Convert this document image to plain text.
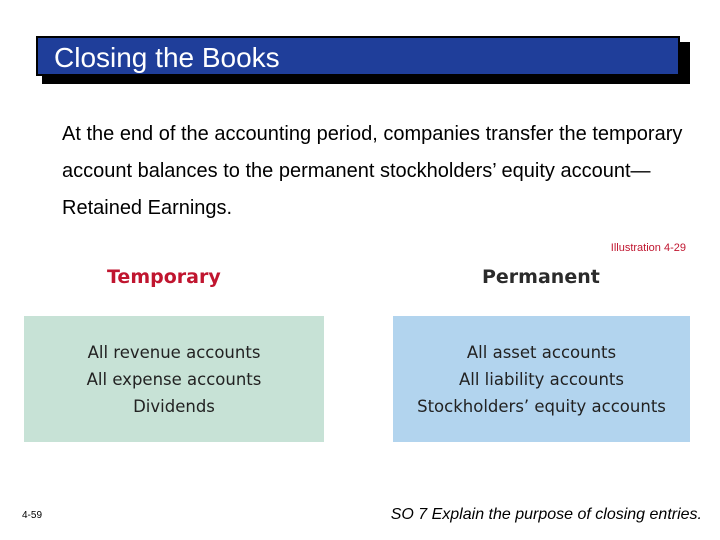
Closing the Books
At the end of the accounting period, companies transfer the temporary account balances to the permanent stockholders’ equity account—Retained Earnings.
Illustration 4-29
Temporary	Permanent
All revenue accounts
All expense accounts
Dividends
All asset accounts
All liability accounts
Stockholders’ equity accounts
4-59	SO 7 Explain the purpose of closing entries.
